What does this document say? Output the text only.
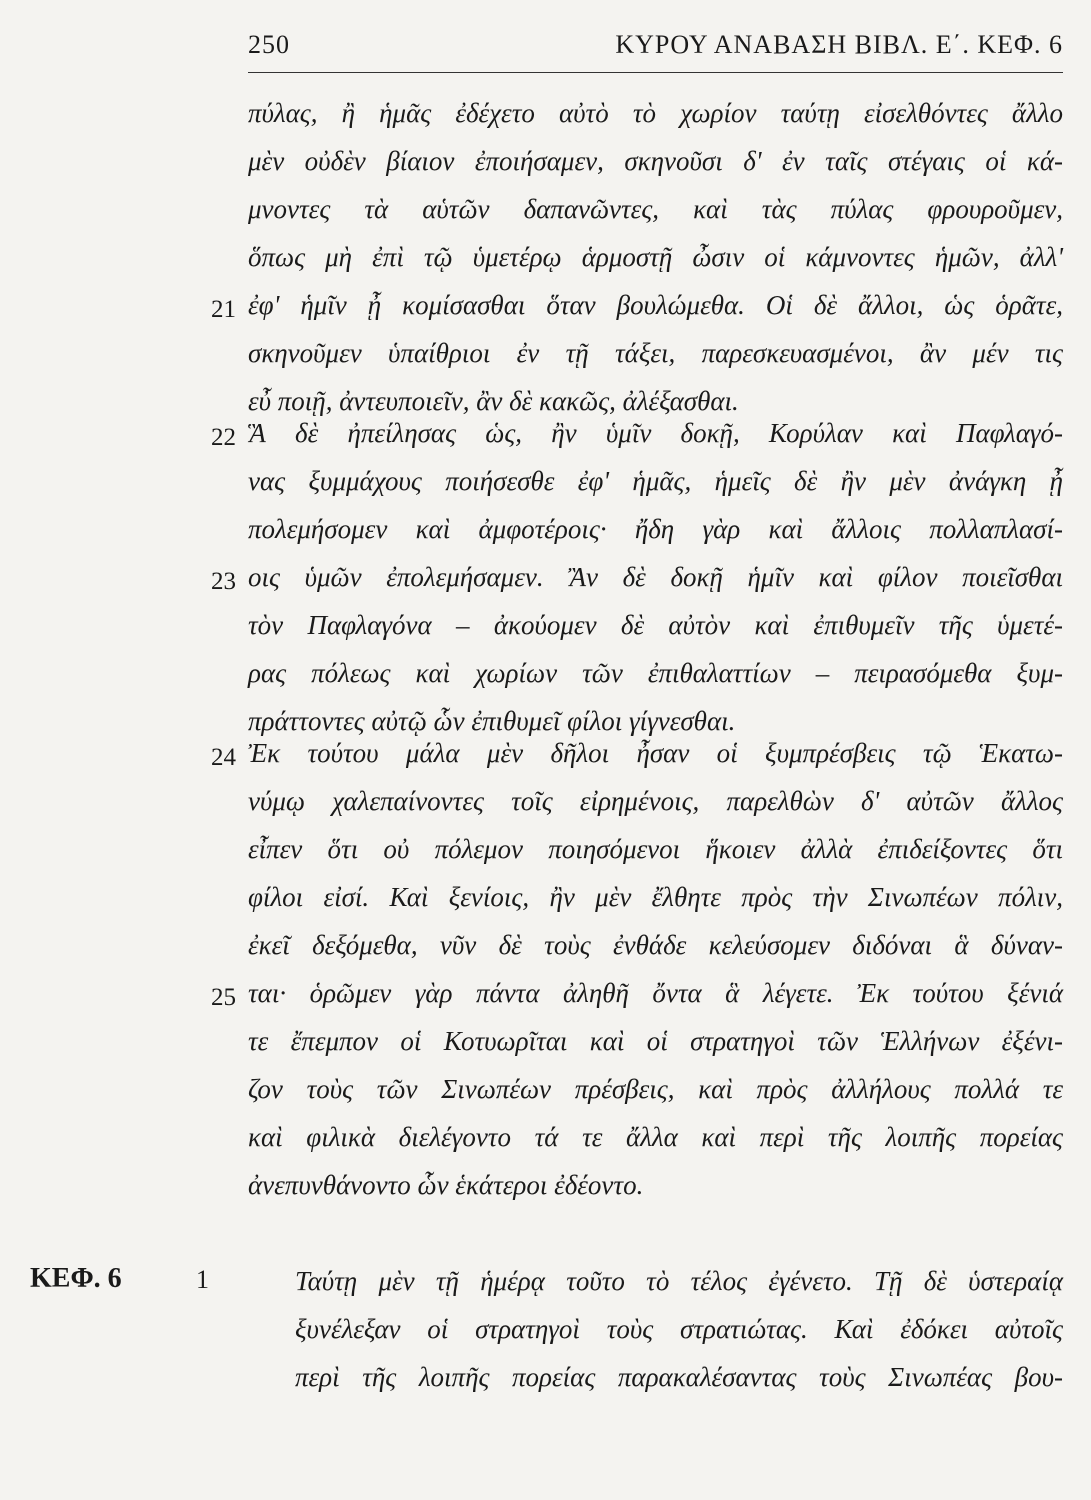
250	ΚΥΡΟΥ ΑΝΑΒΑΣΗ ΒΙΒΛ. Ε΄. ΚΕΦ. 6
πύλας, ἢ ἡμᾶς ἐδέχετο αὐτὸ τὸ χωρίον ταύτῃ εἰσελθόντες ἄλλο
μὲν οὐδὲν βίαιον ἐποιήσαμεν, σκηνοῦσι δ' ἐν ταῖς στέγαις οἱ κά-
μνοντες τὰ αὑτῶν δαπανῶντες, καὶ τὰς πύλας φρουροῦμεν,
ὅπως μὴ ἐπὶ τῷ ὑμετέρῳ ἁρμοστῇ ὦσιν οἱ κάμνοντες ἡμῶν, ἀλλ'
ἐφ' ἡμῖν ᾖ κομίσασθαι ὅταν βουλώμεθα. Οἱ δὲ ἄλλοι, ὡς ὁρᾶτε,
σκηνοῦμεν ὑπαίθριοι ἐν τῇ τάξει, παρεσκευασμένοι, ἂν μέν τις
εὖ ποιῇ, ἀντευποιεῖν, ἂν δὲ κακῶς, ἀλέξασθαι.
Ἃ δὲ ἠπείλησας ὡς, ἢν ὑμῖν δοκῇ, Κορύλαν καὶ Παφλαγό-
νας ξυμμάχους ποιήσεσθε ἐφ' ἡμᾶς, ἡμεῖς δὲ ἢν μὲν ἀνάγκη ᾖ
πολεμήσομεν καὶ ἀμφοτέροις· ἤδη γὰρ καὶ ἄλλοις πολλαπλασί-
οις ὑμῶν ἐπολεμήσαμεν. Ἂν δὲ δοκῇ ἡμῖν καὶ φίλον ποιεῖσθαι
τὸν Παφλαγόνα – ἀκούομεν δὲ αὐτὸν καὶ ἐπιθυμεῖν τῆς ὑμετέ-
ρας πόλεως καὶ χωρίων τῶν ἐπιθαλαττίων – πειρασόμεθα ξυμ-
πράττοντες αὐτῷ ὧν ἐπιθυμεῖ φίλοι γίγνεσθαι.
Ἐκ τούτου μάλα μὲν δῆλοι ἦσαν οἱ ξυμπρέσβεις τῷ Ἑκατω-
νύμῳ χαλεπαίνοντες τοῖς εἰρημένοις, παρελθὼν δ' αὐτῶν ἄλλος
εἶπεν ὅτι οὐ πόλεμον ποιησόμενοι ἥκοιεν ἀλλὰ ἐπιδείξοντες ὅτι
φίλοι εἰσί. Καὶ ξενίοις, ἢν μὲν ἔλθητε πρὸς τὴν Σινωπέων πόλιν,
ἐκεῖ δεξόμεθα, νῦν δὲ τοὺς ἐνθάδε κελεύσομεν διδόναι ἃ δύναν-
ται· ὁρῶμεν γὰρ πάντα ἀληθῆ ὄντα ἃ λέγετε. Ἐκ τούτου ξένιά
τε ἔπεμπον οἱ Κοτυωρῖται καὶ οἱ στρατηγοὶ τῶν Ἑλλήνων ἐξένι-
ζον τοὺς τῶν Σινωπέων πρέσβεις, καὶ πρὸς ἀλλήλους πολλά τε
καὶ φιλικὰ διελέγοντο τά τε ἄλλα καὶ περὶ τῆς λοιπῆς πορείας
ἀνεπυνθάνοντο ὧν ἑκάτεροι ἐδέοντο.
21
22
23
24
25
ΚΕΦ. 6	1	Ταύτῃ μὲν τῇ ἡμέρᾳ τοῦτο τὸ τέλος ἐγένετο. Τῇ δὲ ὑστεραίᾳ
ξυνέλεξαν οἱ στρατηγοὶ τοὺς στρατιώτας. Καὶ ἐδόκει αὐτοῖς
περὶ τῆς λοιπῆς πορείας παρακαλέσαντας τοὺς Σινωπέας βου-
